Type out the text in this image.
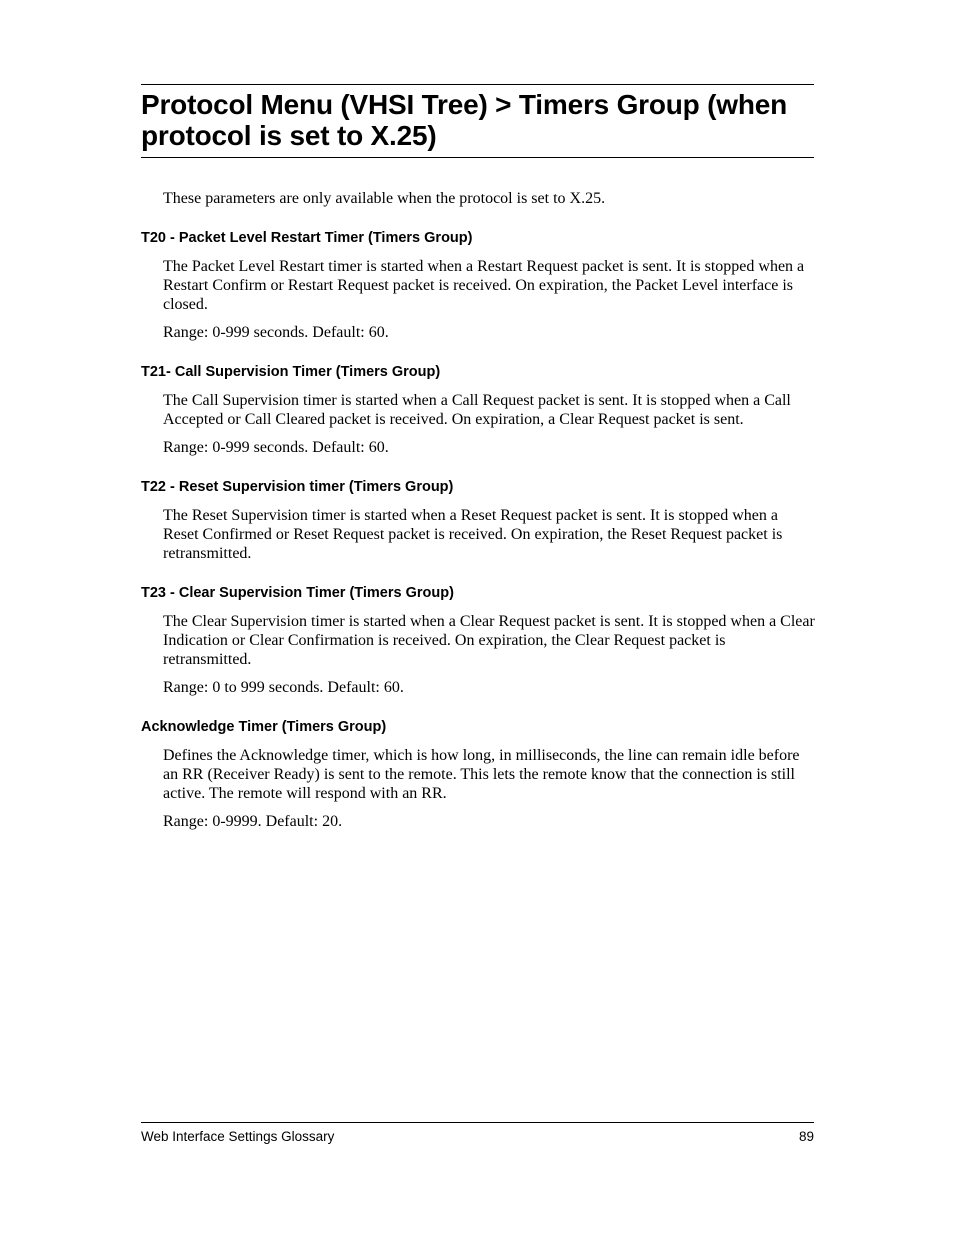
Protocol Menu (VHSI Tree) > Timers Group (when protocol is set to X.25)

These parameters are only available when the protocol is set to X.25.

T20 - Packet Level Restart Timer (Timers Group)

The Packet Level Restart timer is started when a Restart Request packet is sent. It is stopped when a Restart Confirm or Restart Request packet is received. On expiration, the Packet Level interface is closed.

Range: 0-999 seconds. Default: 60.

T21- Call Supervision Timer (Timers Group)

The Call Supervision timer is started when a Call Request packet is sent. It is stopped when a Call Accepted or Call Cleared packet is received. On expiration, a Clear Request packet is sent.

Range: 0-999 seconds. Default: 60.

T22 - Reset Supervision timer (Timers Group)

The Reset Supervision timer is started when a Reset Request packet is sent. It is stopped when a Reset Confirmed or Reset Request packet is received. On expiration, the Reset Request packet is retransmitted.

T23 - Clear Supervision Timer (Timers Group)

The Clear Supervision timer is started when a Clear Request packet is sent. It is stopped when a Clear Indication or Clear Confirmation is received. On expiration, the Clear Request packet is retransmitted.

Range: 0 to 999 seconds. Default: 60.

Acknowledge Timer (Timers Group)

Defines the Acknowledge timer, which is how long, in milliseconds, the line can remain idle before an RR (Receiver Ready) is sent to the remote. This lets the remote know that the connection is still active. The remote will respond with an RR.

Range: 0-9999. Default: 20.

Web Interface Settings Glossary	89
